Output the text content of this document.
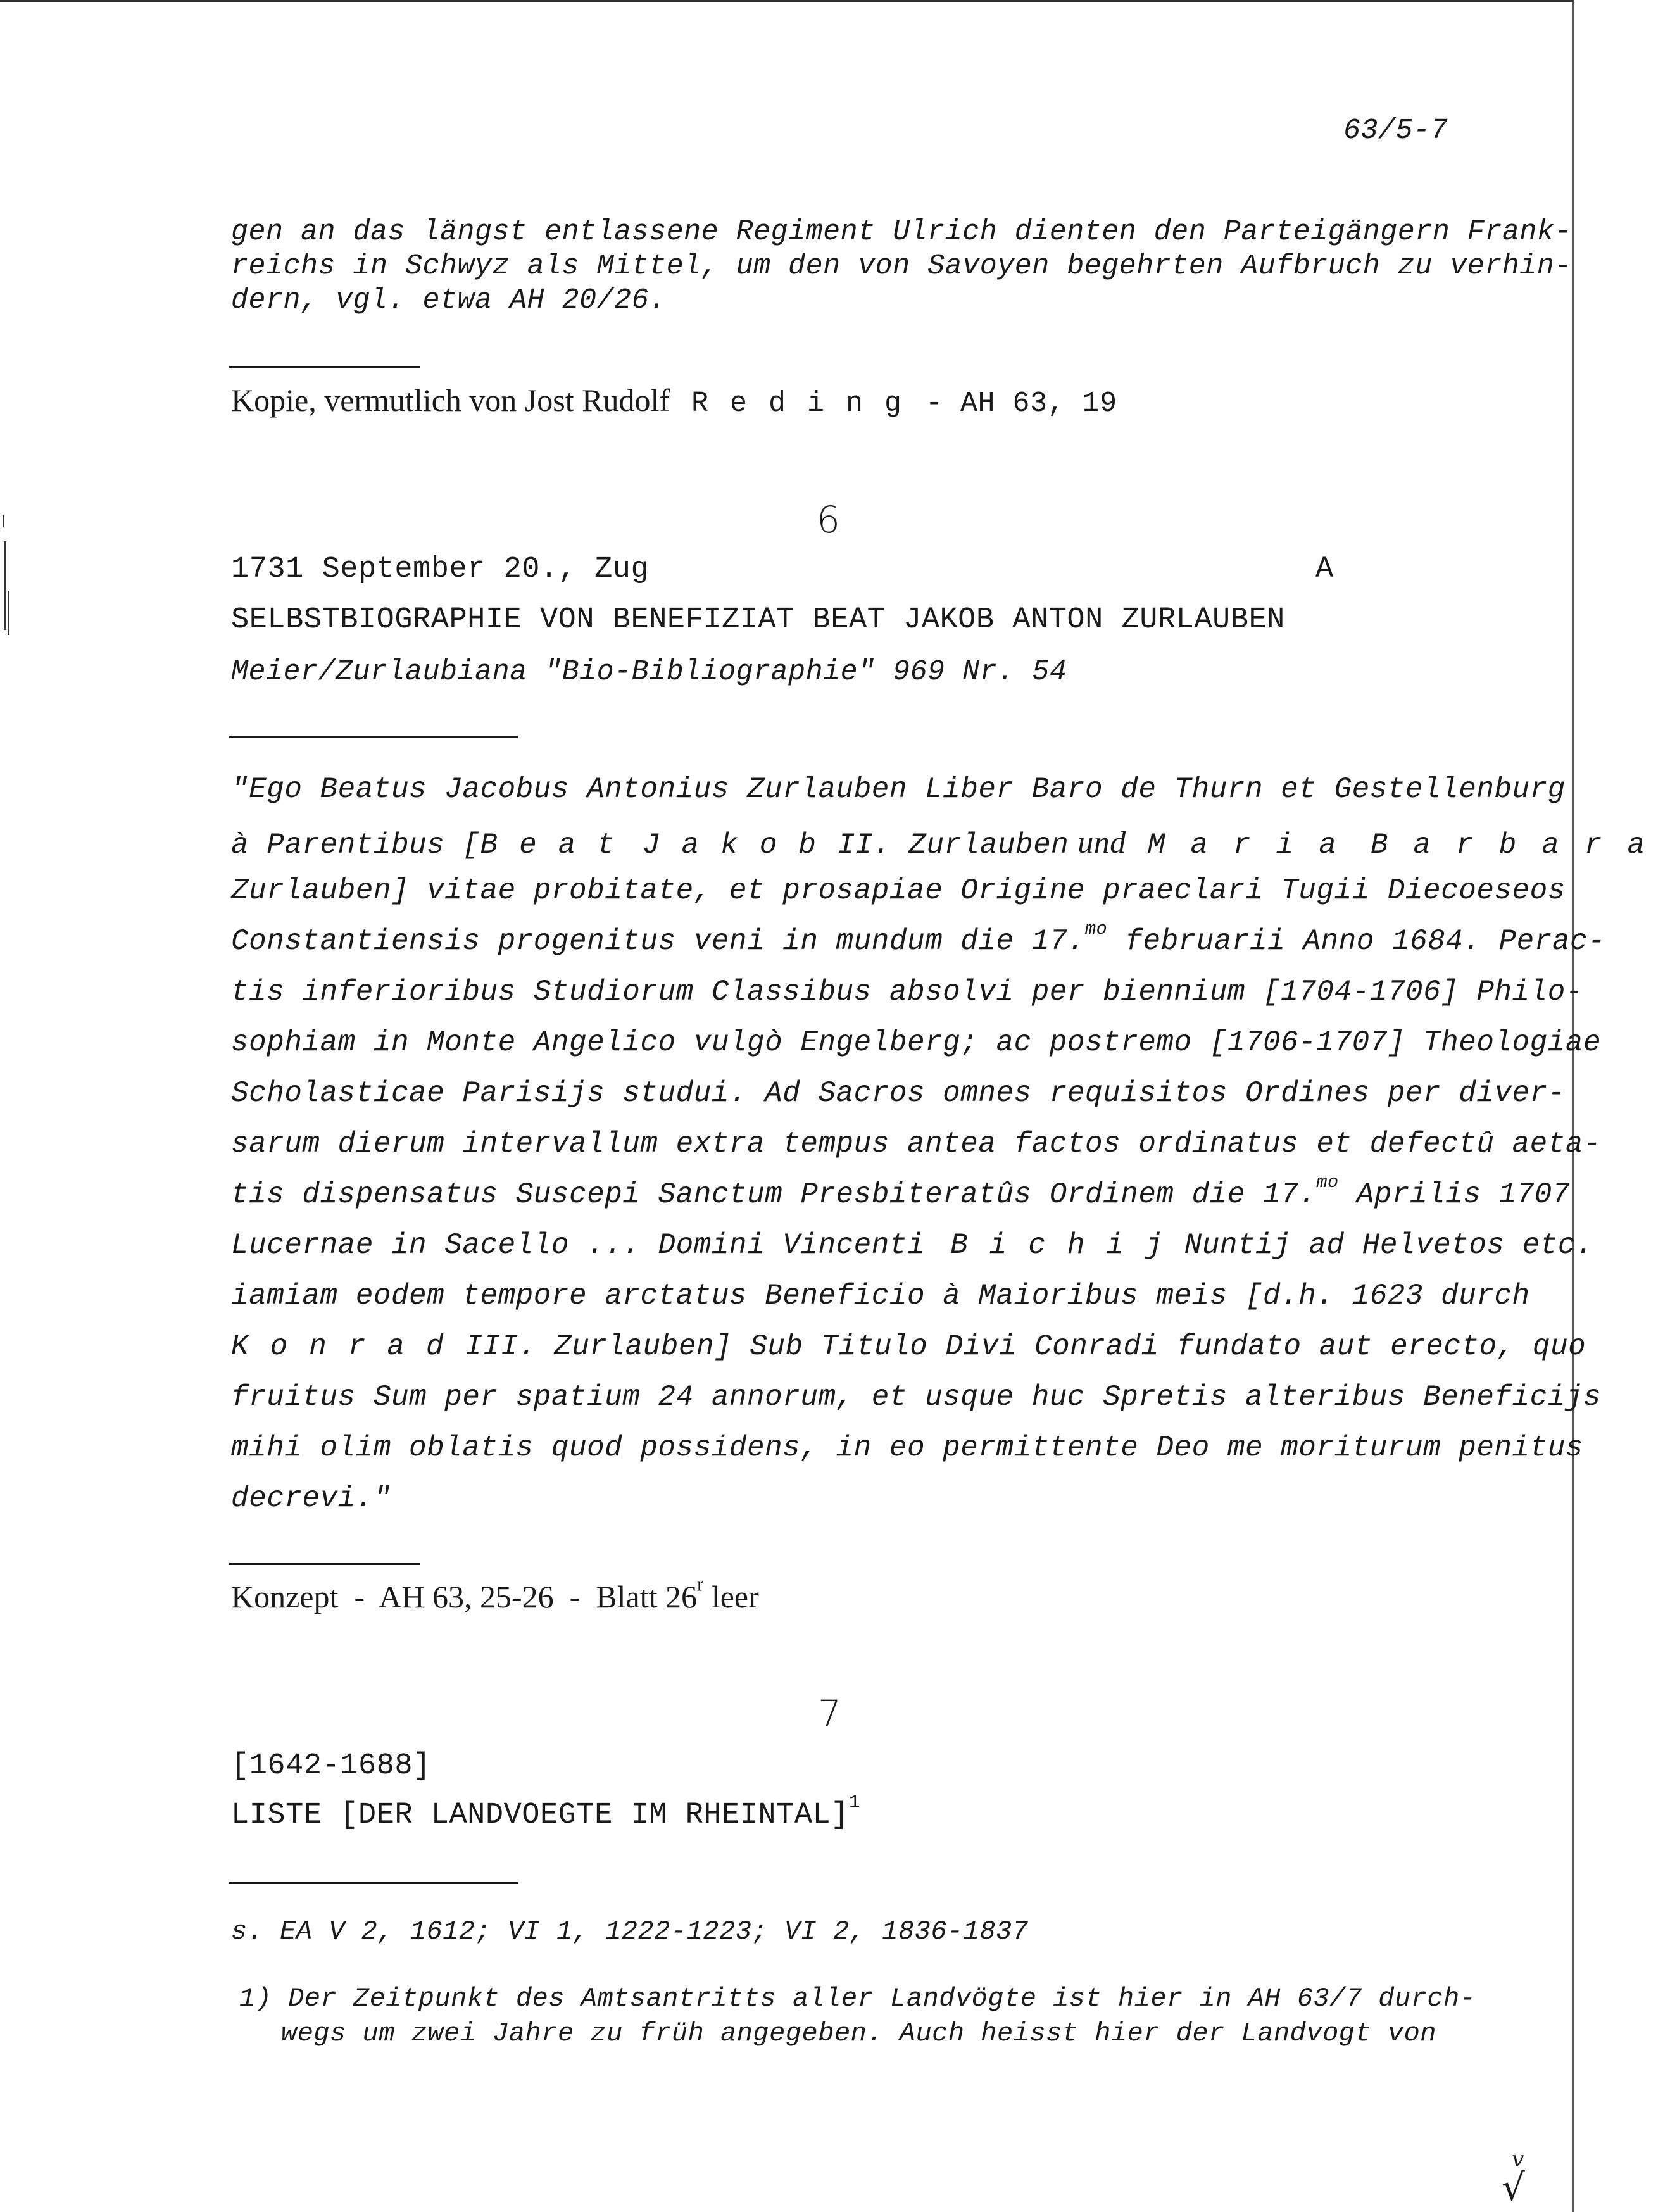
63/5-7
gen an das längst entlassene Regiment Ulrich dienten den Parteigängern Frank-
reichs in Schwyz als Mittel, um den von Savoyen begehrten Aufbruch zu verhin-
dern, vgl. etwa AH 20/26.
Kopie, vermutlich von Jost Rudolf Reding - AH 63, 19
6
1731 September 20., Zug	A
SELBSTBIOGRAPHIE VON BENEFIZIAT BEAT JAKOB ANTON ZURLAUBEN
Meier/Zurlaubiana "Bio-Bibliographie" 969 Nr. 54
"Ego Beatus Jacobus Antonius Zurlauben Liber Baro de Thurn et Gestellenburg
à Parentibus [Beat JakobII. Zurlauben und Maria Barbara
Zurlauben] vitae probitate, et prosapiae Origine praeclari Tugii Diecoeseos
Constantiensis progenitus veni in mundum die 17.$^{mo}$ februarii Anno 1684. Perac-
tis inferioribus Studiorum Classibus absolvi per biennium [1704-1706] Philo-
sophiam in Monte Angelico vulgò Engelberg; ac postremo [1706-1707] Theologiae
Scholasticae Parisijs studui. Ad Sacros omnes requisitos Ordines per diver-
sarum dierum intervallum extra tempus antea factos ordinatus et defectû aeta-
tis dispensatus Suscepi Sanctum Presbiteratûs Ordinem die 17.$^{mo}$ Aprilis 1707
Lucernae in Sacello ... Domini Vincenti BichijNuntij ad Helvetos etc.
iamiam eodem tempore arctatus Beneficio à Maioribus meis [d.h. 1623 durch
KonradIII. Zurlauben] Sub Titulo Divi Conradi fundato aut erecto, quo
fruitus Sum per spatium 24 annorum, et usque huc Spretis alteribus Beneficijs
mihi olim oblatis quod possidens, in eo permittente Deo me moriturum penitus
decrevi."
Konzept  -  AH 63, 25-26  -  Blatt 26$^r$ leer
7
[1642-1688]
LISTE [DER LANDVOEGTE IM RHEINTAL]$^1$
s. EA V 2, 1612; VI 1, 1222-1223; VI 2, 1836-1837
1) Der Zeitpunkt des Amtsantritts aller Landvögte ist hier in AH 63/7 durch-
wegs um zwei Jahre zu früh angegeben. Auch heisst hier der Landvogt von
v
√
